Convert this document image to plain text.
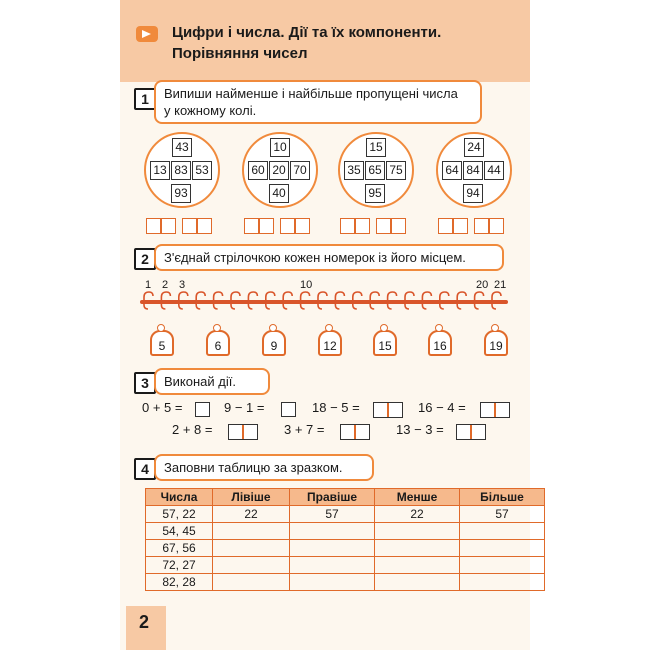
Цифри і числа. Дії та їх компоненти.
Порівняння чисел
1	Випиши найменше і найбільше пропущені числа
у кожному колі.
43
13 83 53
93
10
60 20 70
40
15
35 65 75
95
24
64 84 44
94
2	З'єднай стрілочкою кожен номерок із його місцем.
1 2 3	10	20 21
5	6	9	12	15	16	19
3	Виконай дії.
0 + 5 =	9 − 1 =	18 − 5 =	16 − 4 =
2 + 8 =	3 + 7 =	13 − 3 =
4	Заповни таблицю за зразком.
Числа	Лівіше	Правіше	Менше	Більше
57, 22	22	57	22	57
54, 45				
67, 56				
72, 27				
82, 28				
2
